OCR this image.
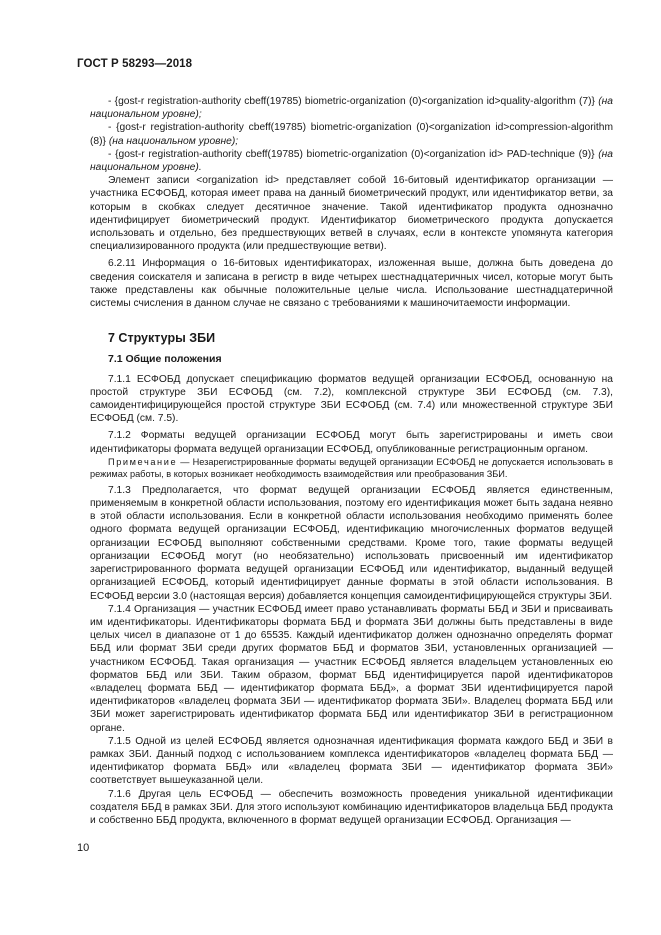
ГОСТ Р 58293—2018

- {gost-r registration-authority cbeff(19785) biometric-organization (0)<organization id>quality-algorithm (7)} (на национальном уровне);

- {gost-r registration-authority cbeff(19785) biometric-organization (0)<organization id>compression-algorithm (8)} (на национальном уровне);

- {gost-r registration-authority cbeff(19785) biometric-organization (0)<organization id> PAD-technique (9)} (на национальном уровне).

Элемент записи <organization id> представляет собой 16-битовый идентификатор организации — участника ЕСФОБД, которая имеет права на данный биометрический продукт, или идентификатор ветви, за которым в скобках следует десятичное значение. Такой идентификатор продукта однозначно идентифицирует биометрический продукт. Идентификатор биометрического продукта допускается использовать и отдельно, без предшествующих ветвей в случаях, если в контексте упомянута категория специализированного продукта (или предшествующие ветви).

6.2.11 Информация о 16-битовых идентификаторах, изложенная выше, должна быть доведена до сведения соискателя и записана в регистр в виде четырех шестнадцатеричных чисел, которые могут быть также представлены как обычные положительные целые числа. Использование шестнадцатеричной системы счисления в данном случае не связано с требованиями к машиночитаемости информации.

7 Структуры ЗБИ
7.1 Общие положения

7.1.1 ЕСФОБД допускает спецификацию форматов ведущей организации ЕСФОБД, основанную на простой структуре ЗБИ ЕСФОБД (см. 7.2), комплексной структуре ЗБИ ЕСФОБД (см. 7.3), самоидентифицирующейся простой структуре ЗБИ ЕСФОБД (см. 7.4) или множественной структуре ЗБИ ЕСФОБД (см. 7.5).

7.1.2 Форматы ведущей организации ЕСФОБД могут быть зарегистрированы и иметь свои идентификаторы формата ведущей организации ЕСФОБД, опубликованные регистрационным органом.

Примечание — Незарегистрированные форматы ведущей организации ЕСФОБД не допускается использовать в режимах работы, в которых возникает необходимость взаимодействия или преобразования ЗБИ.

7.1.3 Предполагается, что формат ведущей организации ЕСФОБД является единственным, применяемым в конкретной области использования, поэтому его идентификация может быть задана неявно в этой области использования. Если в конкретной области использования необходимо применять более одного формата ведущей организации ЕСФОБД, идентификацию многочисленных форматов ведущей организации ЕСФОБД выполняют собственными средствами. Кроме того, такие форматы ведущей организации ЕСФОБД могут (но необязательно) использовать присвоенный им идентификатор зарегистрированного формата ведущей организации ЕСФОБД или идентификатор, выданный ведущей организацией ЕСФОБД, который идентифицирует данные форматы в этой области использования. В ЕСФОБД версии 3.0 (настоящая версия) добавляется концепция самоидентифицирующейся структуры ЗБИ.

7.1.4 Организация — участник ЕСФОБД имеет право устанавливать форматы ББД и ЗБИ и присваивать им идентификаторы. Идентификаторы формата ББД и формата ЗБИ должны быть представлены в виде целых чисел в диапазоне от 1 до 65535. Каждый идентификатор должен однозначно определять формат ББД или формат ЗБИ среди других форматов ББД и форматов ЗБИ, установленных организацией — участником ЕСФОБД. Такая организация — участник ЕСФОБД является владельцем установленных ею форматов ББД или ЗБИ. Таким образом, формат ББД идентифицируется парой идентификаторов «владелец формата ББД — идентификатор формата ББД», а формат ЗБИ идентифицируется парой идентификаторов «владелец формата ЗБИ — идентификатор формата ЗБИ». Владелец формата ББД или ЗБИ может зарегистрировать идентификатор формата ББД или идентификатор ЗБИ в регистрационном органе.

7.1.5 Одной из целей ЕСФОБД является однозначная идентификация формата каждого ББД и ЗБИ в рамках ЗБИ. Данный подход с использованием комплекса идентификаторов «владелец формата ББД — идентификатор формата ББД» или «владелец формата ЗБИ — идентификатор формата ЗБИ» соответствует вышеуказанной цели.

7.1.6 Другая цель ЕСФОБД — обеспечить возможность проведения уникальной идентификации создателя ББД в рамках ЗБИ. Для этого используют комбинацию идентификаторов владельца ББД продукта и собственно ББД продукта, включенного в формат ведущей организации ЕСФОБД. Организация —

10
